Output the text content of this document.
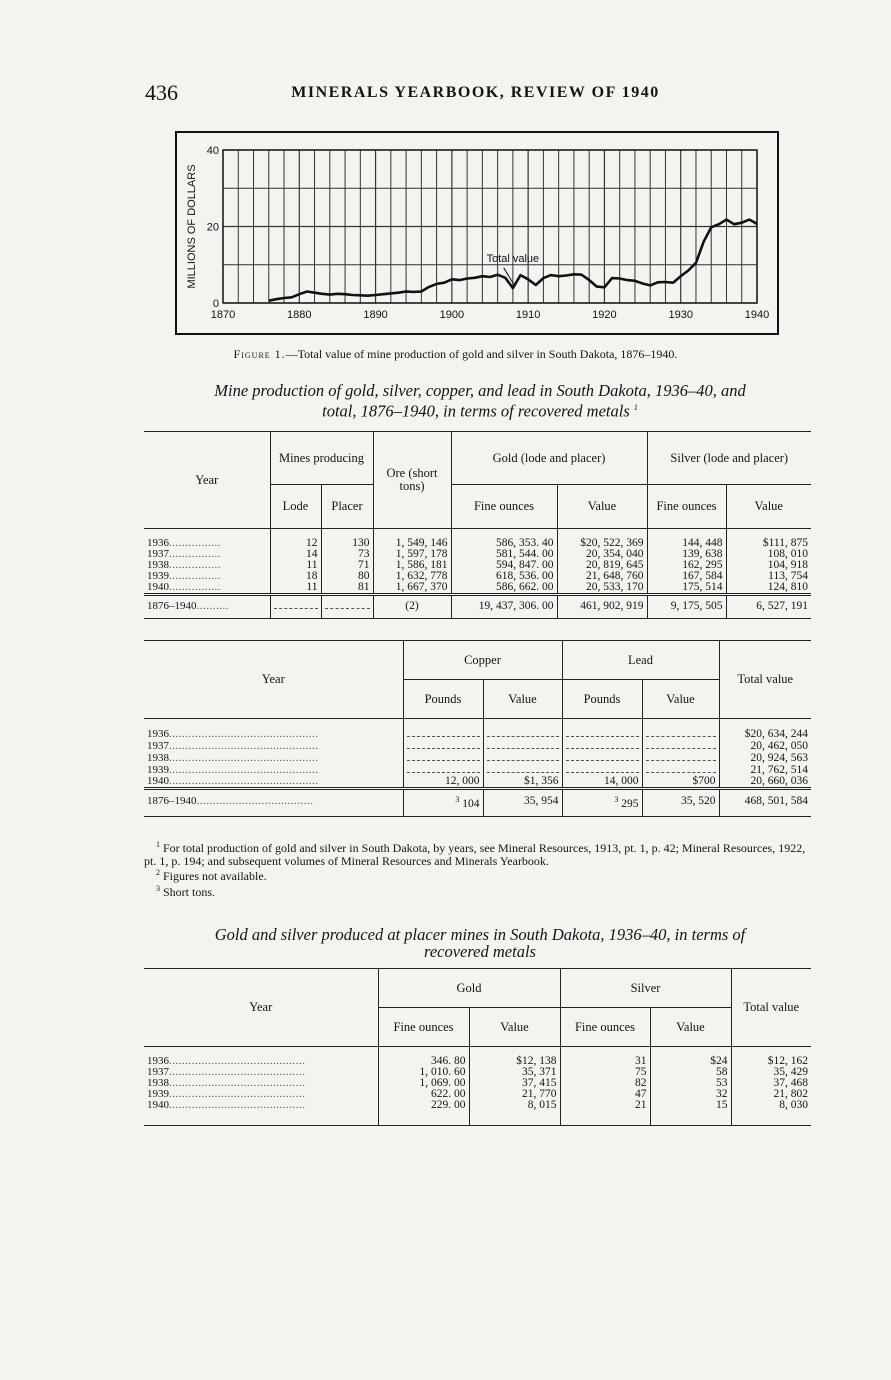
436	MINERALS YEARBOOK, REVIEW OF 1940
1870	1880	1890	1900	1910	1920	1930	1940
0
20
40
MILLIONS OF DOLLARS	Total value
Figure 1.—Total value of mine production of gold and silver in South Dakota, 1876–1940.
Mine production of gold, silver, copper, and lead in South Dakota, 1936–40, and
total, 1876–1940, in terms of recovered metals $^1$
Year	Mines producing		Ore (short tons)	Gold (lode and placer)		Silver (lode and placer)	
	Lode	Placer		Fine ounces	Value	Fine ounces	Value

1936................	12	130	1, 549, 146	586, 353. 40	$20, 522, 369	144, 448	$111, 875
1937................	14	73	1, 597, 178	581, 544. 00	20, 354, 040	139, 638	108, 010
1938................	11	71	1, 586, 181	594, 847. 00	20, 819, 645	162, 295	104, 918
1939................	18	80	1, 632, 778	618, 536. 00	21, 648, 760	167, 584	113, 754
1940................	11	81	1, 667, 370	586, 662. 00	20, 533, 170	175, 514	124, 810
1876–1940..........			(2)	19, 437, 306. 00	461, 902, 919	9, 175, 505	6, 527, 191
Year	Copper		Lead		Total value
	Pounds	Value	Pounds	Value	

1936..............................................					$20, 634, 244
1937..............................................					20, 462, 050
1938..............................................					20, 924, 563
1939..............................................					21, 762, 514
1940..............................................	12, 000	$1, 356	14, 000	$700	20, 660, 036
1876–1940....................................	$^3$ 104	35, 954	$^3$ 295	35, 520	468, 501, 584

$^1$ For total production of gold and silver in South Dakota, by years, see Mineral Resources, 1913, pt. 1, p. 42; Mineral Resources, 1922, pt. 1, p. 194; and subsequent volumes of Mineral Resources and Minerals Yearbook.

$^2$ Figures not available.

$^3$ Short tons.

Gold and silver produced at placer mines in South Dakota, 1936–40, in terms of
recovered metals
Year	Gold		Silver		Total value
	Fine ounces	Value	Fine ounces	Value	

1936..........................................	346. 80	$12, 138	31	$24	$12, 162
1937..........................................	1, 010. 60	35, 371	75	58	35, 429
1938..........................................	1, 069. 00	37, 415	82	53	37, 468
1939..........................................	622. 00	21, 770	47	32	21, 802
1940..........................................	229. 00	8, 015	21	15	8, 030
